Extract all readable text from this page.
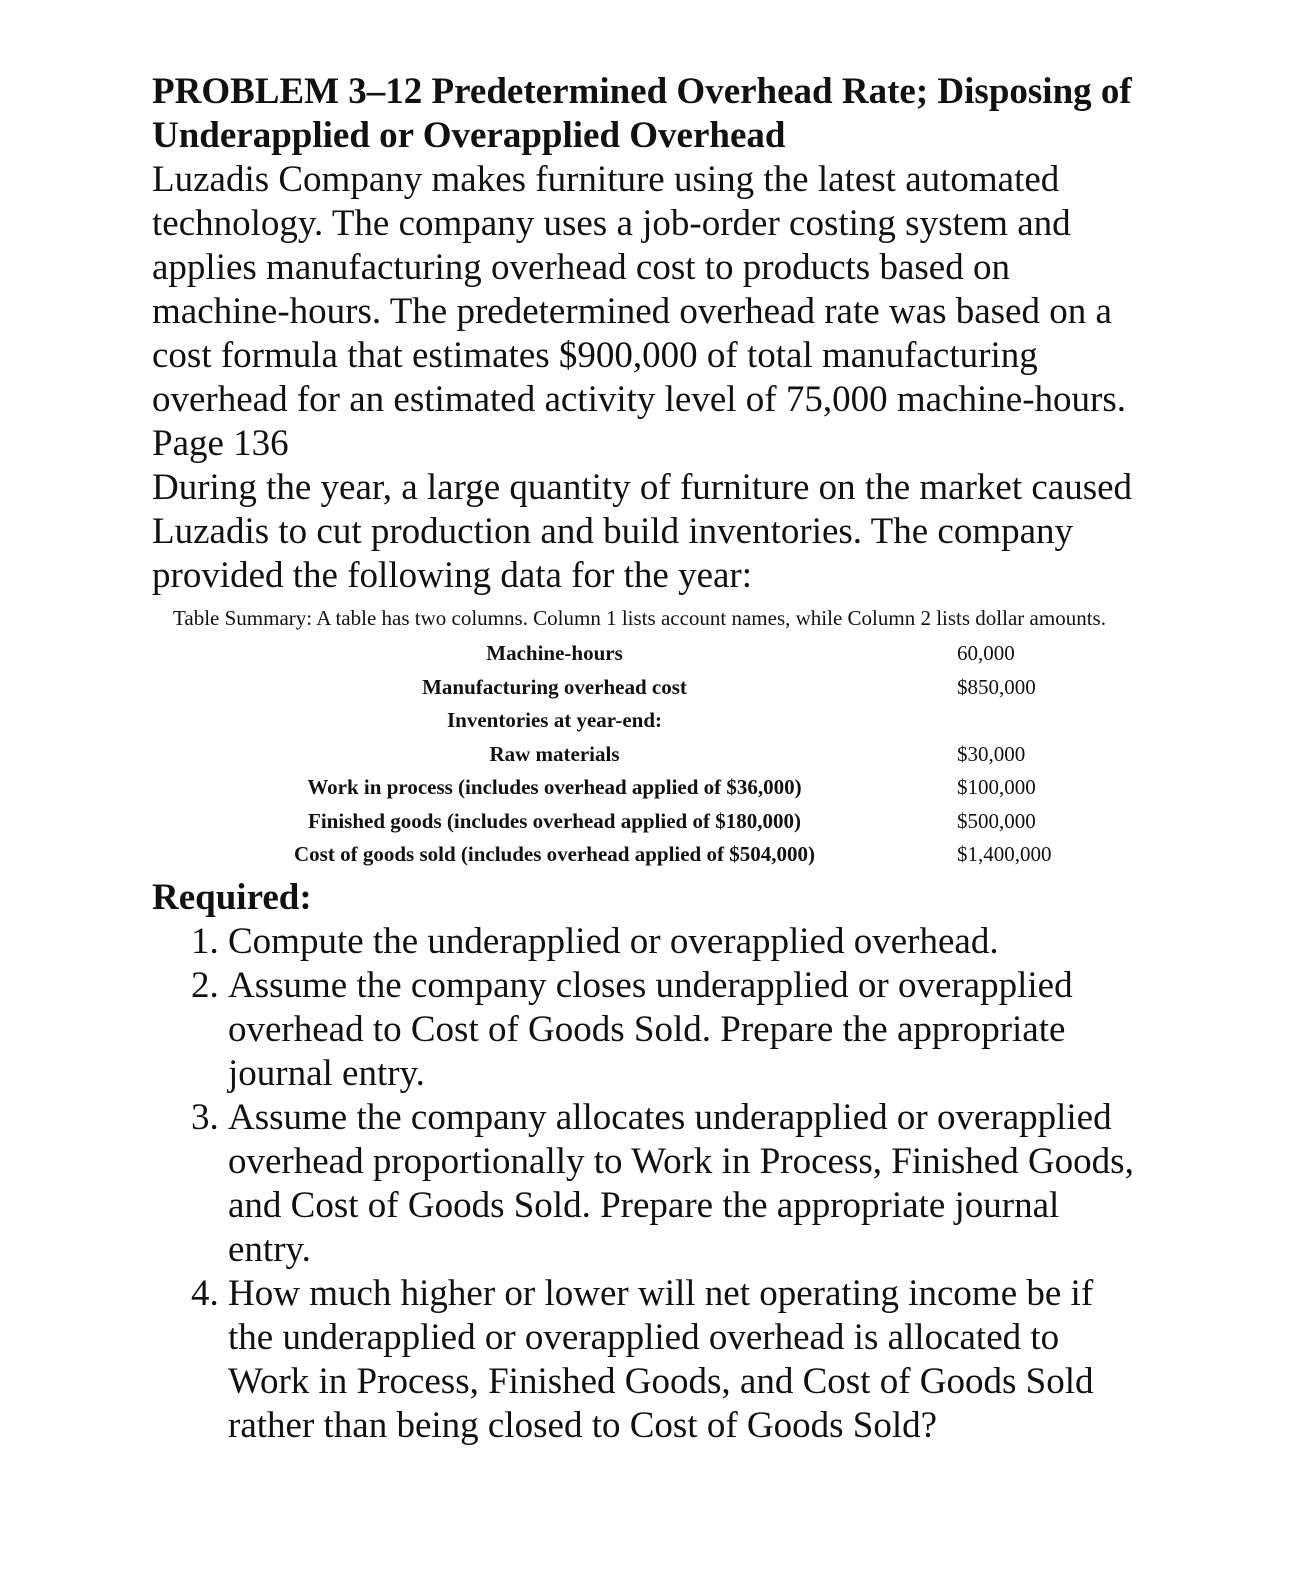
PROBLEM 3–12 Predetermined Overhead Rate; Disposing of Underapplied or Overapplied Overhead

Luzadis Company makes furniture using the latest automated technology. The company uses a job-order costing system and applies manufacturing overhead cost to products based on machine-hours. The predetermined overhead rate was based on a cost formula that estimates $900,000 of total manufacturing overhead for an estimated activity level of 75,000 machine-hours.

Page 136

During the year, a large quantity of furniture on the market caused Luzadis to cut production and build inventories. The company provided the following data for the year:

Table Summary: A table has two columns. Column 1 lists account names, while Column 2 lists dollar amounts.

Machine-hours	60,000
Manufacturing overhead cost	$850,000
Inventories at year-end:	
Raw materials	$30,000
Work in process (includes overhead applied of $36,000)	$100,000
Finished goods (includes overhead applied of $180,000)	$500,000
Cost of goods sold (includes overhead applied of $504,000)	$1,400,000
Required:
1. Compute the underapplied or overapplied overhead.
2. Assume the company closes underapplied or overapplied overhead to Cost of Goods Sold. Prepare the appropriate journal entry.
3. Assume the company allocates underapplied or overapplied overhead proportionally to Work in Process, Finished Goods, and Cost of Goods Sold. Prepare the appropriate journal entry.
4. How much higher or lower will net operating income be if the underapplied or overapplied overhead is allocated to Work in Process, Finished Goods, and Cost of Goods Sold rather than being closed to Cost of Goods Sold?
